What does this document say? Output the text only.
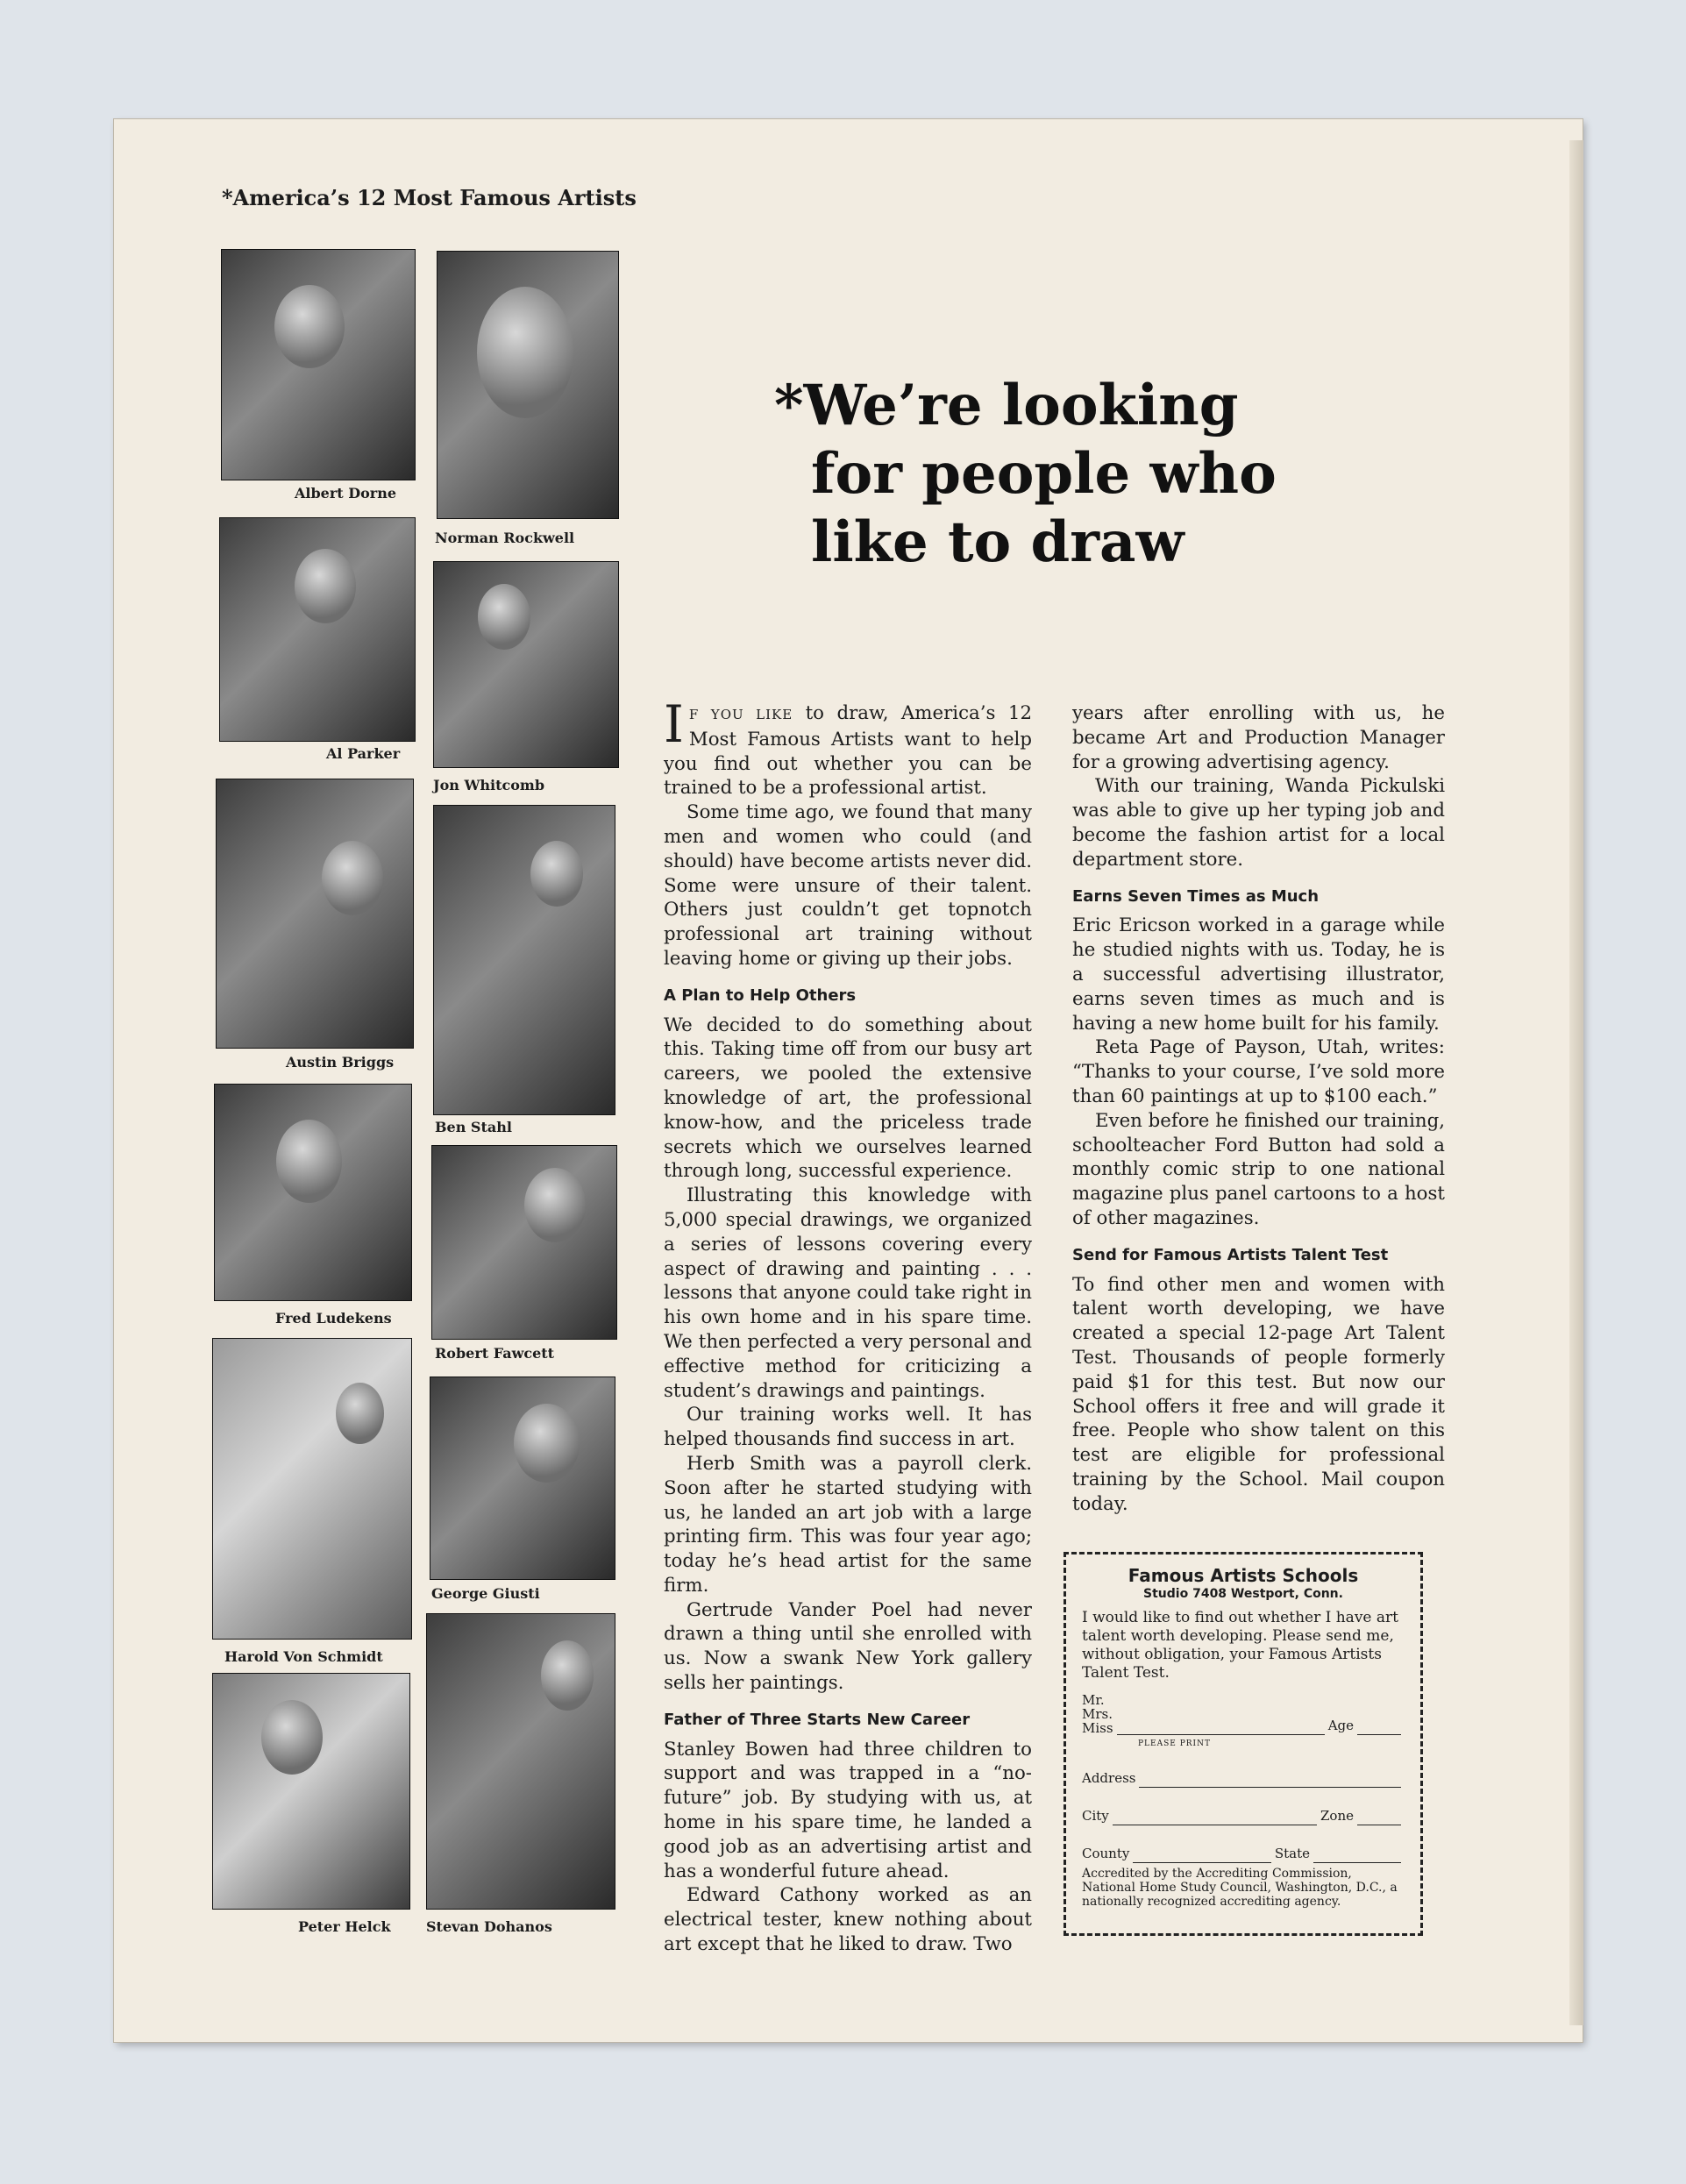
*America’s 12 Most Famous Artists
Albert Dorne
Norman Rockwell
Al Parker
Jon Whitcomb
Austin Briggs
Ben Stahl
Fred Ludekens
Robert Fawcett
Harold Von Schmidt
George Giusti
Peter Helck	Stevan Dohanos
*We’re looking
for people who
like to draw

I F YOU LIKE to draw, America’s 12 Most Famous Artists want to help you find out whether you can be trained to be a professional artist.

Some time ago, we found that many men and women who could (and should) have become artists never did. Some were unsure of their talent. Others just couldn’t get topnotch professional art training without leaving home or giving up their jobs.

A Plan to Help Others

We decided to do something about this. Taking time off from our busy art careers, we pooled the extensive knowledge of art, the professional know-how, and the priceless trade secrets which we ourselves learned through long, successful experience.

Illustrating this knowledge with 5,000 special drawings, we organized a series of lessons covering every aspect of drawing and painting . . . lessons that anyone could take right in his own home and in his spare time. We then perfected a very personal and effective method for criticizing a student’s drawings and paintings.

Our training works well. It has helped thousands find success in art.

Herb Smith was a payroll clerk. Soon after he started studying with us, he landed an art job with a large printing firm. This was four year ago; today he’s head artist for the same firm.

Gertrude Vander Poel had never drawn a thing until she enrolled with us. Now a swank New York gallery sells her paintings.

Father of Three Starts New Career

Stanley Bowen had three children to support and was trapped in a “no-future” job. By studying with us, at home in his spare time, he landed a good job as an advertising artist and has a wonderful future ahead.

Edward Cathony worked as an electrical tester, knew nothing about art except that he liked to draw. Two

years after enrolling with us, he became Art and Production Manager for a growing advertising agency.

With our training, Wanda Pickulski was able to give up her typing job and become the fashion artist for a local department store.

Earns Seven Times as Much

Eric Ericson worked in a garage while he studied nights with us. Today, he is a successful advertising illustrator, earns seven times as much and is having a new home built for his family.

Reta Page of Payson, Utah, writes: “Thanks to your course, I’ve sold more than 60 paintings at up to $100 each.”

Even before he finished our training, schoolteacher Ford Button had sold a monthly comic strip to one national magazine plus panel cartoons to a host of other magazines.

Send for Famous Artists Talent Test

To find other men and women with talent worth developing, we have created a special 12-page Art Talent Test. Thousands of people formerly paid $1 for this test. But now our School offers it free and will grade it free. People who show talent on this test are eligible for professional training by the School. Mail coupon today.

Famous Artists Schools
Studio 7408 Westport, Conn.
I would like to find out whether I have art talent worth developing. Please send me, without obligation, your Famous Artists Talent Test.
Mr.
Mrs.
Miss	Age
PLEASE PRINT
Address
City	Zone
County	State
Accredited by the Accrediting Commission, National Home Study Council, Washington, D.C., a nationally recognized accrediting agency.
